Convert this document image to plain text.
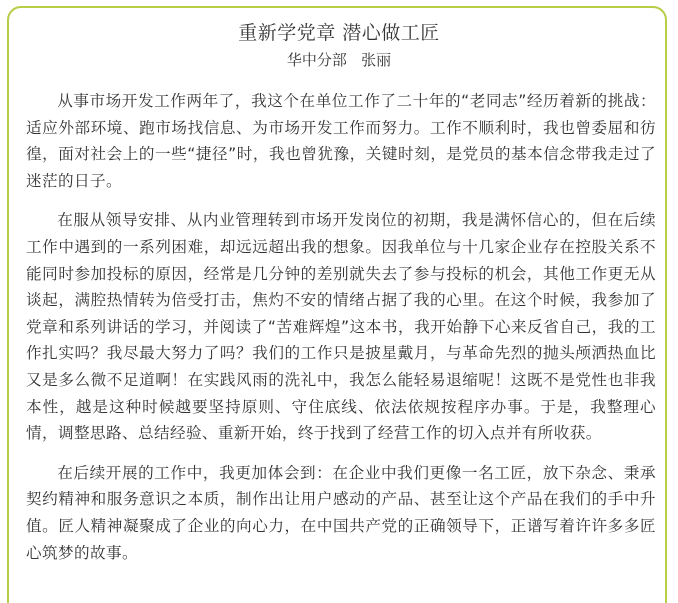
重新学党章 潜心做工匠
华中分部   张丽

从事市场开发工作两年了，我这个在单位工作了二十年的“老同志”经历着新的挑战：适应外部环境、跑市场找信息、为市场开发工作而努力。工作不顺利时，我也曾委屈和彷徨，面对社会上的一些“捷径”时，我也曾犹豫，关键时刻，是党员的基本信念带我走过了迷茫的日子。

在服从领导安排、从内业管理转到市场开发岗位的初期，我是满怀信心的，但在后续工作中遇到的一系列困难，却远远超出我的想象。因我单位与十几家企业存在控股关系不能同时参加投标的原因，经常是几分钟的差别就失去了参与投标的机会，其他工作更无从谈起，满腔热情转为倍受打击，焦灼不安的情绪占据了我的心里。在这个时候，我参加了党章和系列讲话的学习，并阅读了“苦难辉煌”这本书，我开始静下心来反省自己，我的工作扎实吗？我尽最大努力了吗？我们的工作只是披星戴月，与革命先烈的抛头颅洒热血比又是多么微不足道啊！在实践风雨的洗礼中，我怎么能轻易退缩呢！这既不是党性也非我本性，越是这种时候越要坚持原则、守住底线、依法依规按程序办事。于是，我整理心情，调整思路、总结经验、重新开始，终于找到了经营工作的切入点并有所收获。

在后续开展的工作中，我更加体会到：在企业中我们更像一名工匠，放下杂念、秉承契约精神和服务意识之本质，制作出让用户感动的产品、甚至让这个产品在我们的手中升值。匠人精神凝聚成了企业的向心力，在中国共产党的正确领导下，正谱写着许许多多匠心筑梦的故事。
